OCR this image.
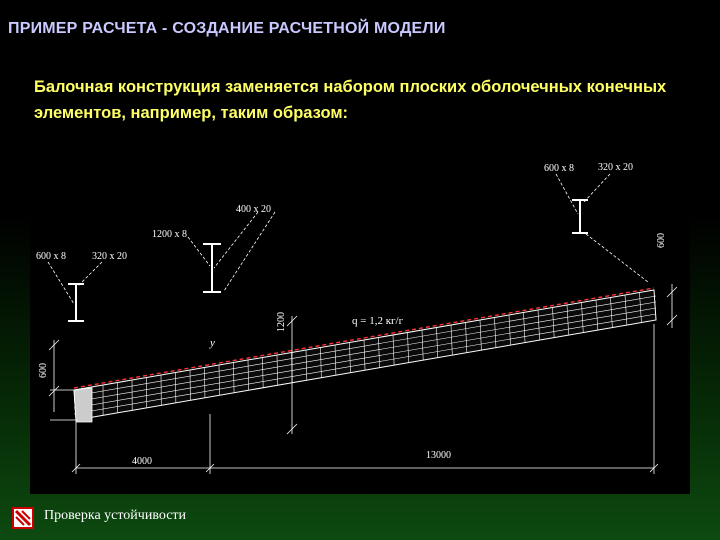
ПРИМЕР РАСЧЕТА - СОЗДАНИЕ РАСЧЕТНОЙ МОДЕЛИ
Балочная конструкция заменяется набором плоских оболочечных конечных элементов, например, таким образом:
600 x 8	320 x 20
1200 x 8
400 x 20
600 x 8 320 x 20
q = 1,2 кг/г
y
600
1200
600
4000
13000
Проверка устойчивости
